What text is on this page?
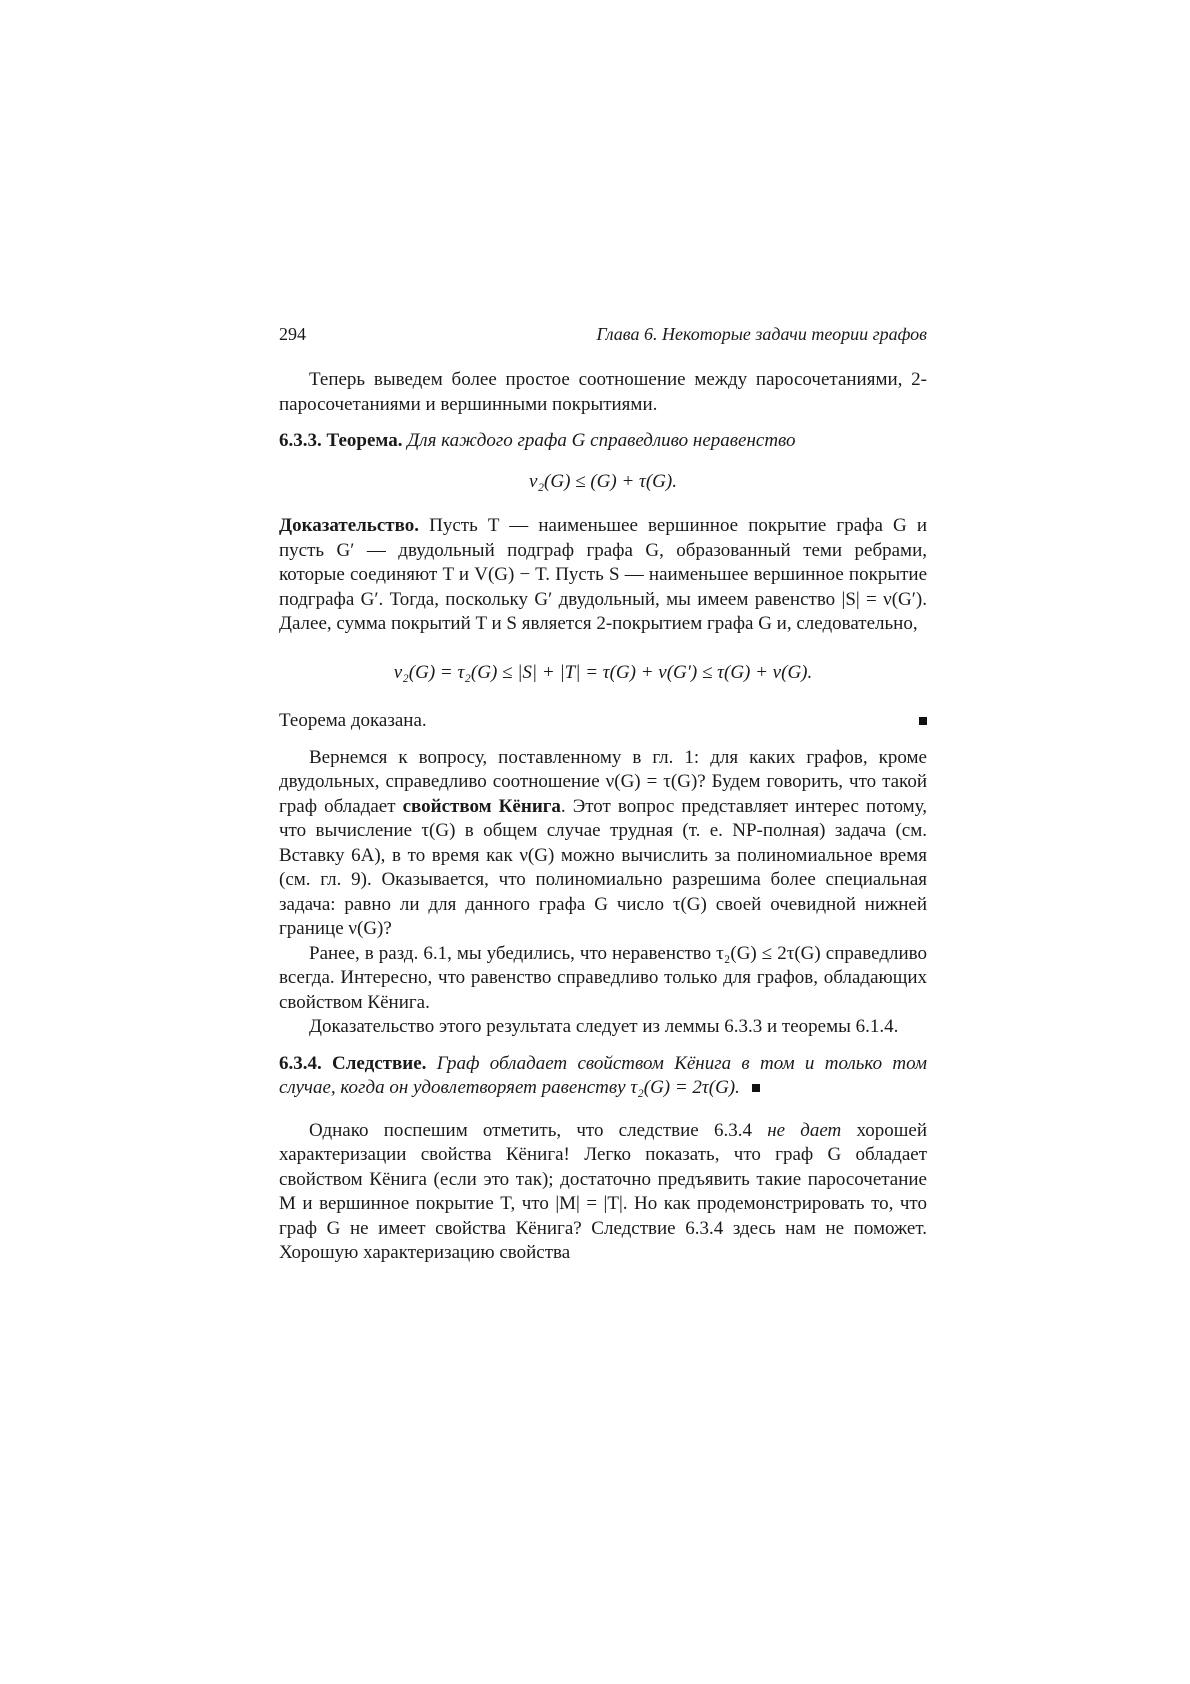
294	Глава 6. Некоторые задачи теории графов

Теперь выведем более простое соотношение между паросочетаниями, 2-паросочетаниями и вершинными покрытиями.

6.3.3. Теорема. Для каждого графа G справедливо неравенство

ν₂(G) ≤ (G) + τ(G).

Доказательство. Пусть T — наименьшее вершинное покрытие графа G и пусть G′ — двудольный подграф графа G, образованный теми ребрами, которые соединяют T и V(G) − T. Пусть S — наименьшее вершинное покрытие подграфа G′. Тогда, поскольку G′ двудольный, мы имеем равенство |S| = ν(G′). Далее, сумма покрытий T и S является 2-покрытием графа G и, следовательно,

ν₂(G) = τ₂(G) ≤ |S| + |T| = τ(G) + ν(G′) ≤ τ(G) + ν(G).
Теорема доказана.

Вернемся к вопросу, поставленному в гл. 1: для каких графов, кроме двудольных, справедливо соотношение ν(G) = τ(G)? Будем говорить, что такой граф обладает свойством Кёнига. Этот вопрос представляет интерес потому, что вычисление τ(G) в общем случае трудная (т. е. NP-полная) задача (см. Вставку 6А), в то время как ν(G) можно вычислить за полиномиальное время (см. гл. 9). Оказывается, что полиномиально разрешима более специальная задача: равно ли для данного графа G число τ(G) своей очевидной нижней границе ν(G)?

Ранее, в разд. 6.1, мы убедились, что неравенство τ₂(G) ≤ 2τ(G) справедливо всегда. Интересно, что равенство справедливо только для графов, обладающих свойством Кёнига.

Доказательство этого результата следует из леммы 6.3.3 и теоремы 6.1.4.

6.3.4. Следствие. Граф обладает свойством Кёнига в том и только том случае, когда он удовлетворяет равенству τ₂(G) = 2τ(G).

Однако поспешим отметить, что следствие 6.3.4 не дает хорошей характеризации свойства Кёнига! Легко показать, что граф G обладает свойством Кёнига (если это так); достаточно предъявить такие паросочетание M и вершинное покрытие T, что |M| = |T|. Но как продемонстрировать то, что граф G не имеет свойства Кёнига? Следствие 6.3.4 здесь нам не поможет. Хорошую характеризацию свойства
